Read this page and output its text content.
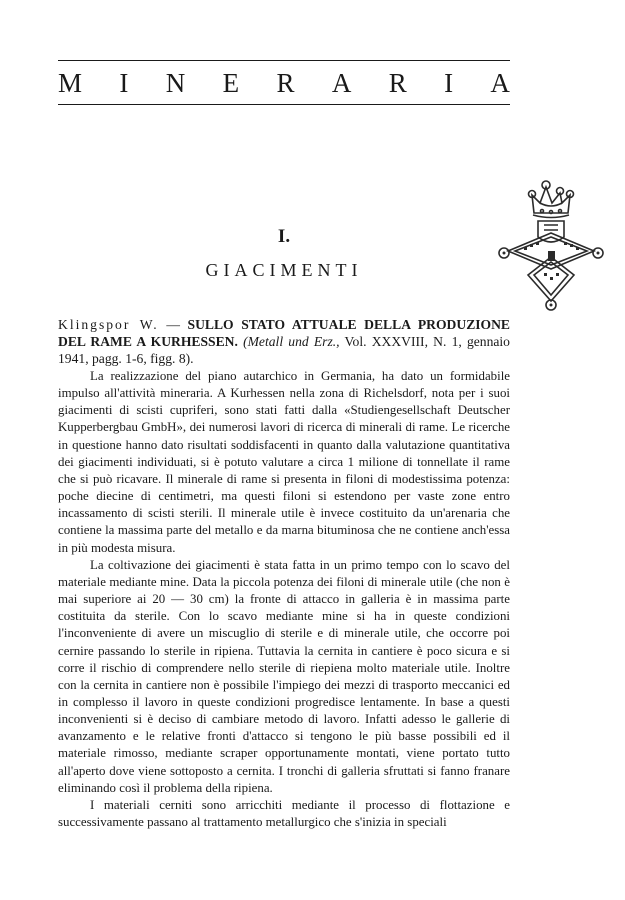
M I N E R A R I A
I.
GIACIMENTI
Klingspor W. — SULLO STATO ATTUALE DELLA PRODUZIONE DEL RAME A KURHESSEN. (Metall und Erz., Vol. XXXVIII, N. 1, gennaio 1941, pagg. 1-6, figg. 8).

La realizzazione del piano autarchico in Germania, ha dato un formidabile impulso all'attività mineraria. A Kurhessen nella zona di Richelsdorf, nota per i suoi giacimenti di scisti cupriferi, sono stati fatti dalla «Studiengesellschaft Deutscher Kupperbergbau GmbH», dei numerosi lavori di ricerca di minerali di rame. Le ricerche in questione hanno dato risultati soddisfacenti in quanto dalla valutazione quantitativa dei giacimenti individuati, si è potuto valutare a circa 1 milione di tonnellate il rame che si può ricavare. Il minerale di rame si presenta in filoni di modestissima potenza: poche diecine di centimetri, ma questi filoni si estendono per vaste zone entro incassamento di scisti sterili. Il minerale utile è invece costituito da un'arenaria che contiene la massima parte del metallo e da marna bituminosa che ne contiene anch'essa in più modesta misura.

La coltivazione dei giacimenti è stata fatta in un primo tempo con lo scavo del materiale mediante mine. Data la piccola potenza dei filoni di minerale utile (che non è mai superiore ai 20 — 30 cm) la fronte di attacco in galleria è in massima parte costituita da sterile. Con lo scavo mediante mine si ha in queste condizioni l'inconveniente di avere un miscuglio di sterile e di minerale utile, che occorre poi cernire passando lo sterile in ripiena. Tuttavia la cernita in cantiere è poco sicura e si corre il rischio di comprendere nello sterile di riepiena molto materiale utile. Inoltre con la cernita in cantiere non è possibile l'impiego dei mezzi di trasporto meccanici ed in complesso il lavoro in queste condizioni progredisce lentamente. In base a questi inconvenienti si è deciso di cambiare metodo di lavoro. Infatti adesso le gallerie di avanzamento e le relative fronti d'attacco si tengono le più basse possibili ed il materiale rimosso, mediante scraper opportunamente montati, viene portato tutto all'aperto dove viene sottoposto a cernita. I tronchi di galleria sfruttati si fanno franare eliminando così il problema della ripiena.

I materiali cerniti sono arricchiti mediante il processo di flottazione e successivamente passano al trattamento metallurgico che s'inizia in speciali
